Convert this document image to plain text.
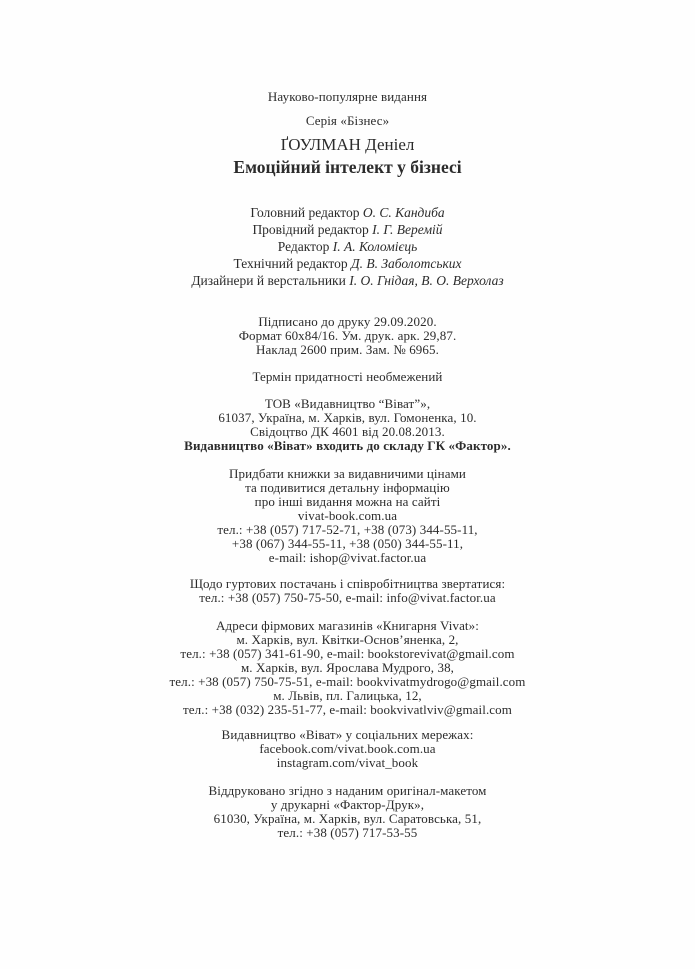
Науково-популярне видання

Серія «Бізнес»

ҐОУЛМАН Деніел

Емоційний інтелект у бізнесі

Головний редактор О. С. Кандиба

Провідний редактор І. Г. Веремій

Редактор І. А. Коломієць

Технічний редактор Д. В. Заболотських

Дизайнери й верстальники І. О. Гнідая, В. О. Верхолаз

Підписано до друку 29.09.2020.

Формат 60х84/16. Ум. друк. арк. 29,87.

Наклад 2600 прим. Зам. № 6965.

Термін придатності необмежений

ТОВ «Видавництво “Віват”»,

61037, Україна, м. Харків, вул. Гомоненка, 10.

Свідоцтво ДК 4601 від 20.08.2013.

Видавництво «Віват» входить до складу ГК «Фактор».

Придбати книжки за видавничими цінами

та подивитися детальну інформацію

про інші видання можна на сайті

vivat-book.com.ua

тел.: +38 (057) 717-52-71, +38 (073) 344-55-11,

+38 (067) 344-55-11, +38 (050) 344-55-11,

e-mail: ishop@vivat.factor.ua

Щодо гуртових постачань і співробітництва звертатися:

тел.: +38 (057) 750-75-50, e-mail: info@vivat.factor.ua

Адреси фірмових магазинів «Книгарня Vivat»:

м. Харків, вул. Квітки-Основ’яненка, 2,

тел.: +38 (057) 341-61-90, e-mail: bookstorevivat@gmail.com

м. Харків, вул. Ярослава Мудрого, 38,

тел.: +38 (057) 750-75-51, e-mail: bookvivatmydrogo@gmail.com

м. Львів, пл. Галицька, 12,

тел.: +38 (032) 235-51-77, e-mail: bookvivatlviv@gmail.com

Видавництво «Віват» у соціальних мережах:

facebook.com/vivat.book.com.ua

instagram.com/vivat_book

Віддруковано згідно з наданим оригінал-макетом

у друкарні «Фактор-Друк»,

61030, Україна, м. Харків, вул. Саратовська, 51,

тел.: +38 (057) 717-53-55
